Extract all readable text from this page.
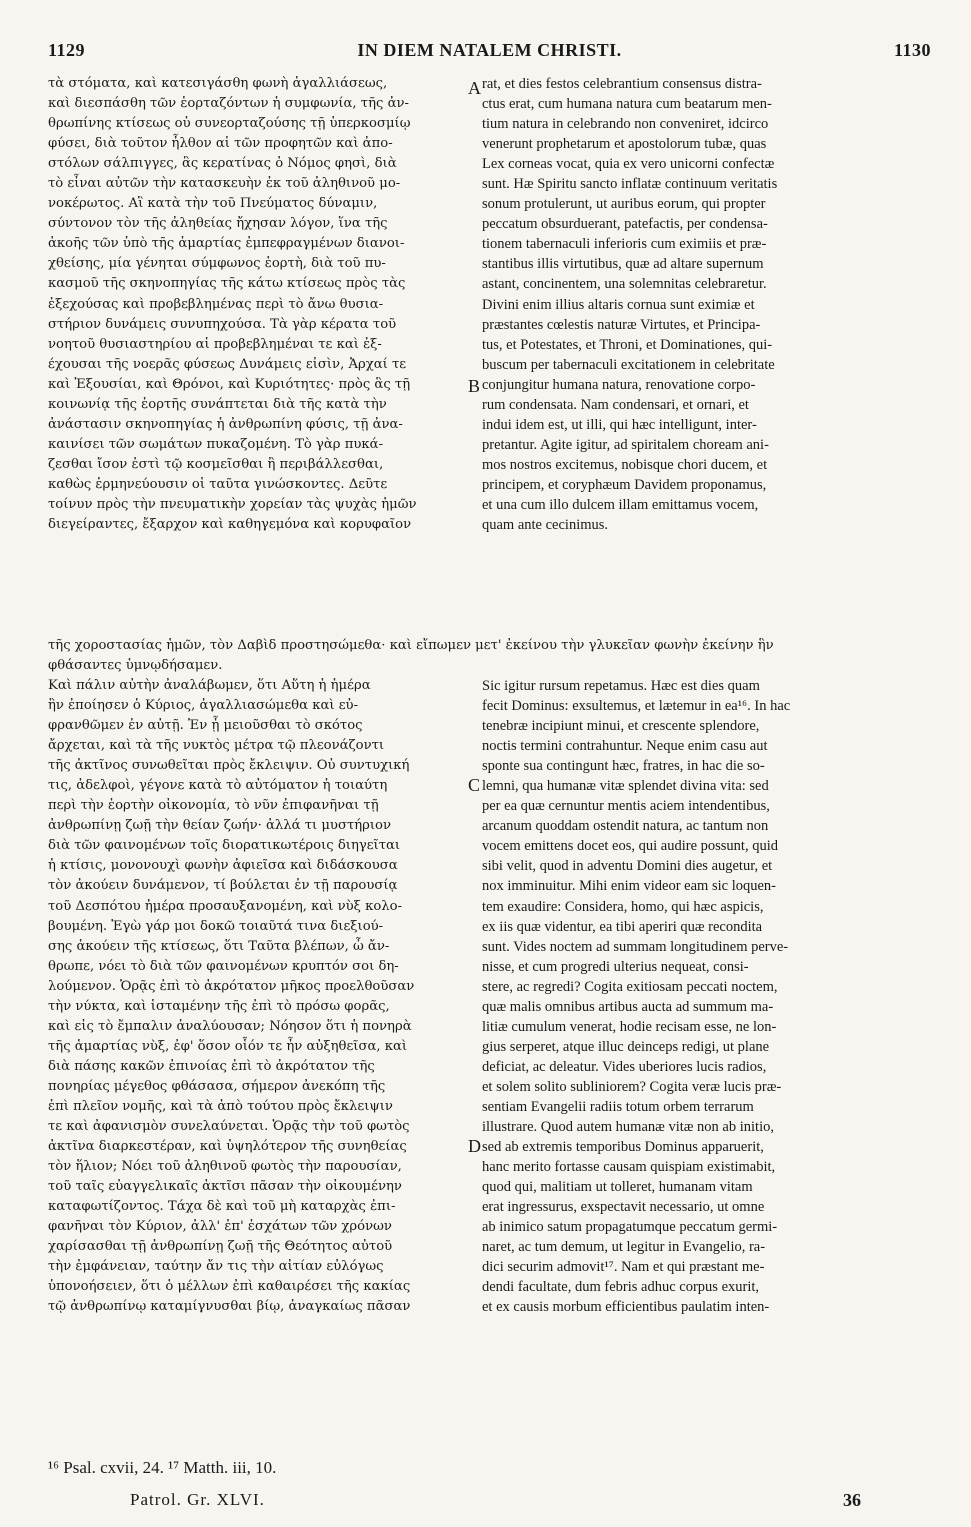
1129	IN DIEM NATALEM CHRISTI.	1130
τὰ στόματα, καὶ κατεσιγάσθη φωνὴ ἀγαλλιάσεως,
καὶ διεσπάσθη τῶν ἑορταζόντων ἡ συμφωνία, τῆς ἀν-
θρωπίνης κτίσεως οὐ συνεορταζούσης τῇ ὑπερκοσμίῳ
φύσει, διὰ τοῦτον ἦλθον αἱ τῶν προφητῶν καὶ ἀπο-
στόλων σάλπιγγες, ἃς κερατίνας ὁ Νόμος φησὶ, διὰ
τὸ εἶναι αὐτῶν τὴν κατασκευὴν ἐκ τοῦ ἀληθινοῦ μο-
νοκέρωτος. Αἳ κατὰ τὴν τοῦ Πνεύματος δύναμιν,
σύντονον τὸν τῆς ἀληθείας ἤχησαν λόγον, ἵνα τῆς
ἀκοῆς τῶν ὑπὸ τῆς ἁμαρτίας ἐμπεφραγμένων διανοι-
χθείσης, μία γένηται σύμφωνος ἑορτὴ, διὰ τοῦ πυ-
κασμοῦ τῆς σκηνοπηγίας τῆς κάτω κτίσεως πρὸς τὰς
ἐξεχούσας καὶ προβεβλημένας περὶ τὸ ἄνω θυσια-
στήριον δυνάμεις συνυπηχούσα. Τὰ γὰρ κέρατα τοῦ
νοητοῦ θυσιαστηρίου αἱ προβεβλημέναι τε καὶ ἐξ-
έχουσαι τῆς νοερᾶς φύσεως Δυνάμεις εἰσὶν, Ἀρχαί τε
καὶ Ἐξουσίαι, καὶ Θρόνοι, καὶ Κυριότητες· πρὸς ἃς τῇ
κοινωνίᾳ τῆς ἑορτῆς συνάπτεται διὰ τῆς κατὰ τὴν
ἀνάστασιν σκηνοπηγίας ἡ ἀνθρωπίνη φύσις, τῇ ἀνα-
καινίσει τῶν σωμάτων πυκαζομένη. Τὸ γὰρ πυκά-
ζεσθαι ἴσον ἐστὶ τῷ κοσμεῖσθαι ἢ περιβάλλεσθαι,
καθὼς ἑρμηνεύουσιν οἱ ταῦτα γινώσκοντες. Δεῦτε
τοίνυν πρὸς τὴν πνευματικὴν χορείαν τὰς ψυχὰς ἡμῶν
διεγείραντες, ἔξαρχον καὶ καθηγεμόνα καὶ κορυφαῖον
rat, et dies festos celebrantium consensus distra-
ctus erat, cum humana natura cum beatarum men-
tium natura in celebrando non conveniret, idcirco
venerunt prophetarum et apostolorum tubæ, quas
Lex corneas vocat, quia ex vero unicorni confectæ
sunt. Hæ Spiritu sancto inflatæ continuum veritatis
sonum protulerunt, ut auribus eorum, qui propter
peccatum obsurduerant, patefactis, per condensa-
tionem tabernaculi inferioris cum eximiis et præ-
stantibus illis virtutibus, quæ ad altare supernum
astant, concinentem, una solemnitas celebraretur.
Divini enim illius altaris cornua sunt eximiæ et
præstantes cœlestis naturæ Virtutes, et Principa-
tus, et Potestates, et Throni, et Dominationes, qui-
buscum per tabernaculi excitationem in celebritate
conjungitur humana natura, renovatione corpo-
rum condensata. Nam condensari, et ornari, et
indui idem est, ut illi, qui hæc intelligunt, inter-
pretantur. Agite igitur, ad spiritalem choream ani-
mos nostros excitemus, nobisque chori ducem, et
principem, et coryphæum Davidem proponamus,
et una cum illo dulcem illam emittamus vocem,
quam ante cecinimus.
A
B
τῆς χοροστασίας ἡμῶν, τὸν Δαβὶδ προστησώμεθα· καὶ εἴπωμεν μετ' ἐκείνου τὴν γλυκεῖαν φωνὴν ἐκείνην ἣν
φθάσαντες ὑμνῳδήσαμεν.
Καὶ πάλιν αὐτὴν ἀναλάβωμεν, ὅτι Αὕτη ἡ ἡμέρα
ἣν ἐποίησεν ὁ Κύριος, ἀγαλλιασώμεθα καὶ εὐ-
φρανθῶμεν ἐν αὐτῇ. Ἐν ᾗ μειοῦσθαι τὸ σκότος
ἄρχεται, καὶ τὰ τῆς νυκτὸς μέτρα τῷ πλεονάζοντι
τῆς ἀκτῖνος συνωθεῖται πρὸς ἔκλειψιν. Οὐ συντυχική
τις, ἀδελφοὶ, γέγονε κατὰ τὸ αὐτόματον ἡ τοιαύτη
περὶ τὴν ἑορτὴν οἰκονομία, τὸ νῦν ἐπιφανῆναι τῇ
ἀνθρωπίνῃ ζωῇ τὴν θείαν ζωήν· ἀλλά τι μυστήριον
διὰ τῶν φαινομένων τοῖς διορατικωτέροις διηγεῖται
ἡ κτίσις, μονονουχὶ φωνὴν ἀφιεῖσα καὶ διδάσκουσα
τὸν ἀκούειν δυνάμενον, τί βούλεται ἐν τῇ παρουσίᾳ
τοῦ Δεσπότου ἡμέρα προσαυξανομένη, καὶ νὺξ κολο-
βουμένη. Ἐγὼ γάρ μοι δοκῶ τοιαῦτά τινα διεξιού-
σης ἀκούειν τῆς κτίσεως, ὅτι Ταῦτα βλέπων, ὦ ἄν-
θρωπε, νόει τὸ διὰ τῶν φαινομένων κρυπτόν σοι δη-
λούμενον. Ὁρᾷς ἐπὶ τὸ ἀκρότατον μῆκος προελθοῦσαν
τὴν νύκτα, καὶ ἱσταμένην τῆς ἐπὶ τὸ πρόσω φορᾶς,
καὶ εἰς τὸ ἔμπαλιν ἀναλύουσαν; Νόησον ὅτι ἡ πονηρὰ
τῆς ἁμαρτίας νὺξ, ἐφ' ὅσον οἷόν τε ἦν αὐξηθεῖσα, καὶ
διὰ πάσης κακῶν ἐπινοίας ἐπὶ τὸ ἀκρότατον τῆς
πονηρίας μέγεθος φθάσασα, σήμερον ἀνεκόπη τῆς
ἐπὶ πλεῖον νομῆς, καὶ τὰ ἀπὸ τούτου πρὸς ἔκλειψιν
τε καὶ ἀφανισμὸν συνελαύνεται. Ὁρᾷς τὴν τοῦ φωτὸς
ἀκτῖνα διαρκεστέραν, καὶ ὑψηλότερον τῆς συνηθείας
τὸν ἥλιον; Νόει τοῦ ἀληθινοῦ φωτὸς τὴν παρουσίαν,
τοῦ ταῖς εὐαγγελικαῖς ἀκτῖσι πᾶσαν τὴν οἰκουμένην
καταφωτίζοντος. Τάχα δὲ καὶ τοῦ μὴ καταρχὰς ἐπι-
φανῆναι τὸν Κύριον, ἀλλ' ἐπ' ἐσχάτων τῶν χρόνων
χαρίσασθαι τῇ ἀνθρωπίνῃ ζωῇ τῆς Θεότητος αὐτοῦ
τὴν ἐμφάνειαν, ταύτην ἄν τις τὴν αἰτίαν εὐλόγως
ὑπονοήσειεν, ὅτι ὁ μέλλων ἐπὶ καθαιρέσει τῆς κακίας
τῷ ἀνθρωπίνῳ καταμίγνυσθαι βίῳ, ἀναγκαίως πᾶσαν
Sic igitur rursum repetamus. Hæc est dies quam
fecit Dominus: exsultemus, et lætemur in ea¹⁶. In hac
tenebræ incipiunt minui, et crescente splendore,
noctis termini contrahuntur. Neque enim casu aut
sponte sua contingunt hæc, fratres, in hac die so-
lemni, qua humanæ vitæ splendet divina vita: sed
per ea quæ cernuntur mentis aciem intendentibus,
arcanum quoddam ostendit natura, ac tantum non
vocem emittens docet eos, qui audire possunt, quid
sibi velit, quod in adventu Domini dies augetur, et
nox imminuitur. Mihi enim videor eam sic loquen-
tem exaudire: Considera, homo, qui hæc aspicis,
ex iis quæ videntur, ea tibi aperiri quæ recondita
sunt. Vides noctem ad summam longitudinem perve-
nisse, et cum progredi ulterius nequeat, consi-
stere, ac regredi? Cogita exitiosam peccati noctem,
quæ malis omnibus artibus aucta ad summum ma-
litiæ cumulum venerat, hodie recisam esse, ne lon-
gius serperet, atque illuc deinceps redigi, ut plane
deficiat, ac deleatur. Vides uberiores lucis radios,
et solem solito subliniorem? Cogita veræ lucis præ-
sentiam Evangelii radiis totum orbem terrarum
illustrare. Quod autem humanæ vitæ non ab initio,
sed ab extremis temporibus Dominus apparuerit,
hanc merito fortasse causam quispiam existimabit,
quod qui, malitiam ut tolleret, humanam vitam
erat ingressurus, exspectavit necessario, ut omne
ab inimico satum propagatumque peccatum germi-
naret, ac tum demum, ut legitur in Evangelio, ra-
dici securim admovit¹⁷. Nam et qui præstant me-
dendi facultate, dum febris adhuc corpus exurit,
et ex causis morbum efficientibus paulatim inten-
C
D
¹⁶ Psal. cxvii, 24. ¹⁷ Matth. iii, 10.
Patrol. Gr. XLVI.	36
